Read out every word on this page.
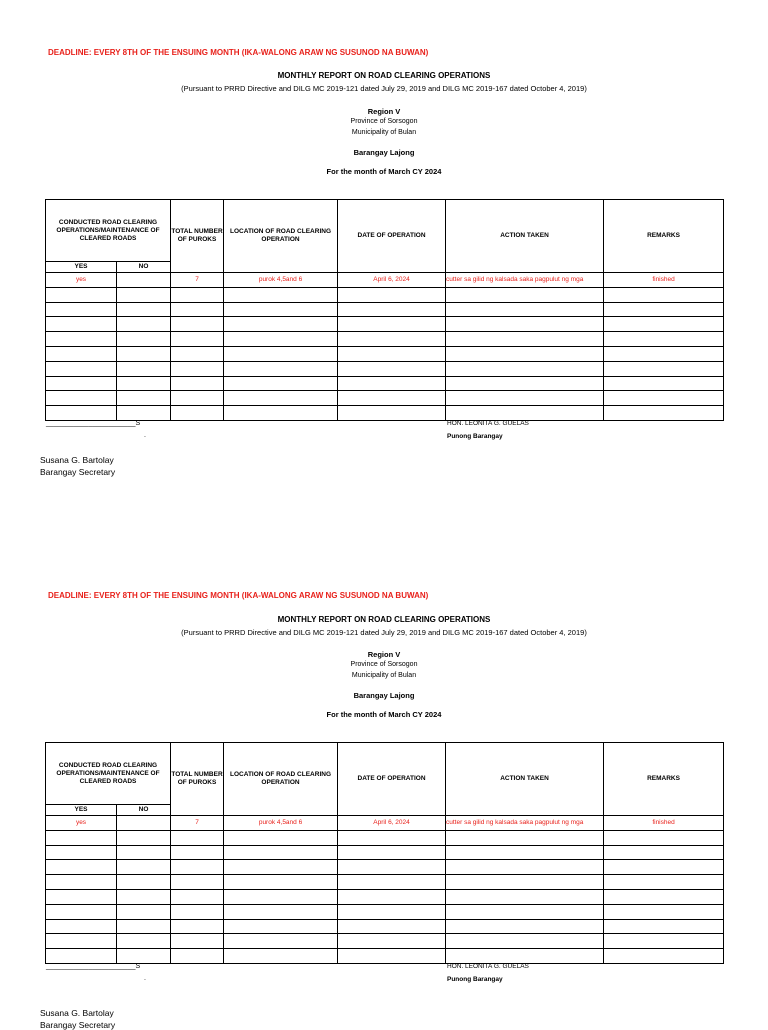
DEADLINE: EVERY 8TH OF THE ENSUING MONTH (IKA-WALONG ARAW NG SUSUNOD NA BUWAN)
MONTHLY REPORT ON ROAD CLEARING OPERATIONS
(Pursuant to PRRD Directive and DILG MC 2019-121 dated July 29, 2019 and DILG MC 2019-167 dated October 4, 2019)
Region V
Province of Sorsogon
Municipality of Bulan
Barangay Lajong
For the month of March CY 2024
CONDUCTED ROAD CLEARING OPERATIONS/MAINTENANCE OF CLEARED ROADS		TOTAL NUMBER OF PUROKS	LOCATION OF ROAD CLEARING OPERATION	DATE OF OPERATION	ACTION TAKEN	REMARKS
YES	NO					
yes		7	purok 4,5and 6	April 6, 2024	cutter sa gilid ng kalsada saka pagpulut ng mga	finished

_______________________S
.
HON. LEONITA G. GUELAS
Punong Barangay
Susana G. Bartolay
Barangay Secretary
DEADLINE: EVERY 8TH OF THE ENSUING MONTH (IKA-WALONG ARAW NG SUSUNOD NA BUWAN)
MONTHLY REPORT ON ROAD CLEARING OPERATIONS
(Pursuant to PRRD Directive and DILG MC 2019-121 dated July 29, 2019 and DILG MC 2019-167 dated October 4, 2019)
Region V
Province of Sorsogon
Municipality of Bulan
Barangay Lajong
For the month of March CY 2024
CONDUCTED ROAD CLEARING OPERATIONS/MAINTENANCE OF CLEARED ROADS		TOTAL NUMBER OF PUROKS	LOCATION OF ROAD CLEARING OPERATION	DATE OF OPERATION	ACTION TAKEN	REMARKS
YES	NO					
yes		7	purok 4,5and 6	April 6, 2024	cutter sa gilid ng kalsada saka pagpulut ng mga	finished

_______________________S
.
HON. LEONITA G. GUELAS
Punong Barangay
Susana G. Bartolay
Barangay Secretary
